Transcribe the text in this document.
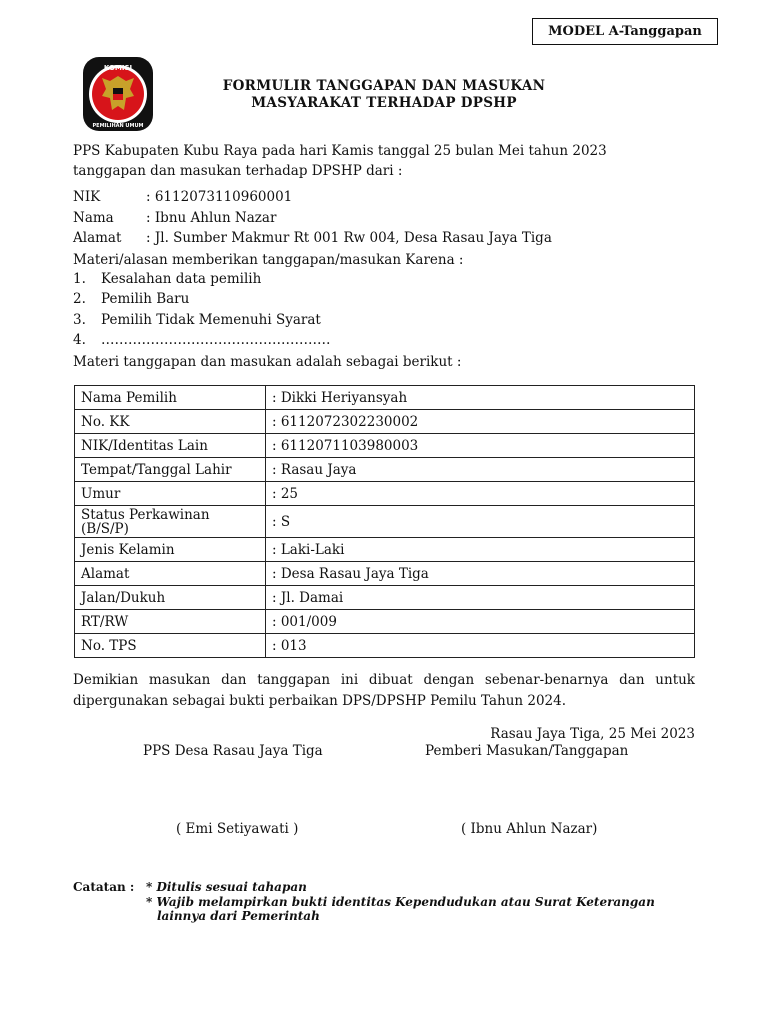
MODEL A-Tanggapan
KOMISI
PEMILIHAN UMUM
FORMULIR TANGGAPAN DAN MASUKAN
MASYARAKAT TERHADAP DPSHP
PPS Kabupaten Kubu Raya pada hari Kamis tanggal 25 bulan Mei tahun 2023
tanggapan dan masukan terhadap DPSHP dari :
NIK	: 6112073110960001
Nama : Ibnu Ahlun Nazar
Alamat : Jl. Sumber Makmur Rt 001 Rw 004, Desa Rasau Jaya Tiga
Materi/alasan memberikan tanggapan/masukan Karena :
1. Kesalahan data pemilih
2. Pemilih Baru
3. Pemilih Tidak Memenuhi Syarat
4. ……………………………………………
Materi tanggapan dan masukan adalah sebagai berikut :
Nama Pemilih	: Dikki Heriyansyah
No. KK	: 6112072302230002
NIK/Identitas Lain	: 6112071103980003
Tempat/Tanggal Lahir	: Rasau Jaya
Umur	: 25
Status Perkawinan (B/S/P)	: S
Jenis Kelamin	: Laki-Laki
Alamat	: Desa Rasau Jaya Tiga
Jalan/Dukuh	: Jl. Damai
RT/RW	: 001/009
No. TPS	: 013
Demikian masukan dan tanggapan ini dibuat dengan sebenar-benarnya dan untuk
dipergunakan sebagai bukti perbaikan DPS/DPSHP Pemilu Tahun 2024.
Rasau Jaya Tiga, 25 Mei 2023
PPS Desa Rasau Jaya Tiga	Pemberi Masukan/Tanggapan
( Emi Setiyawati )	( Ibnu Ahlun Nazar)
Catatan : * Ditulis sesuai tahapan
* Wajib melampirkan bukti identitas Kependudukan atau Surat Keterangan
lainnya dari Pemerintah
